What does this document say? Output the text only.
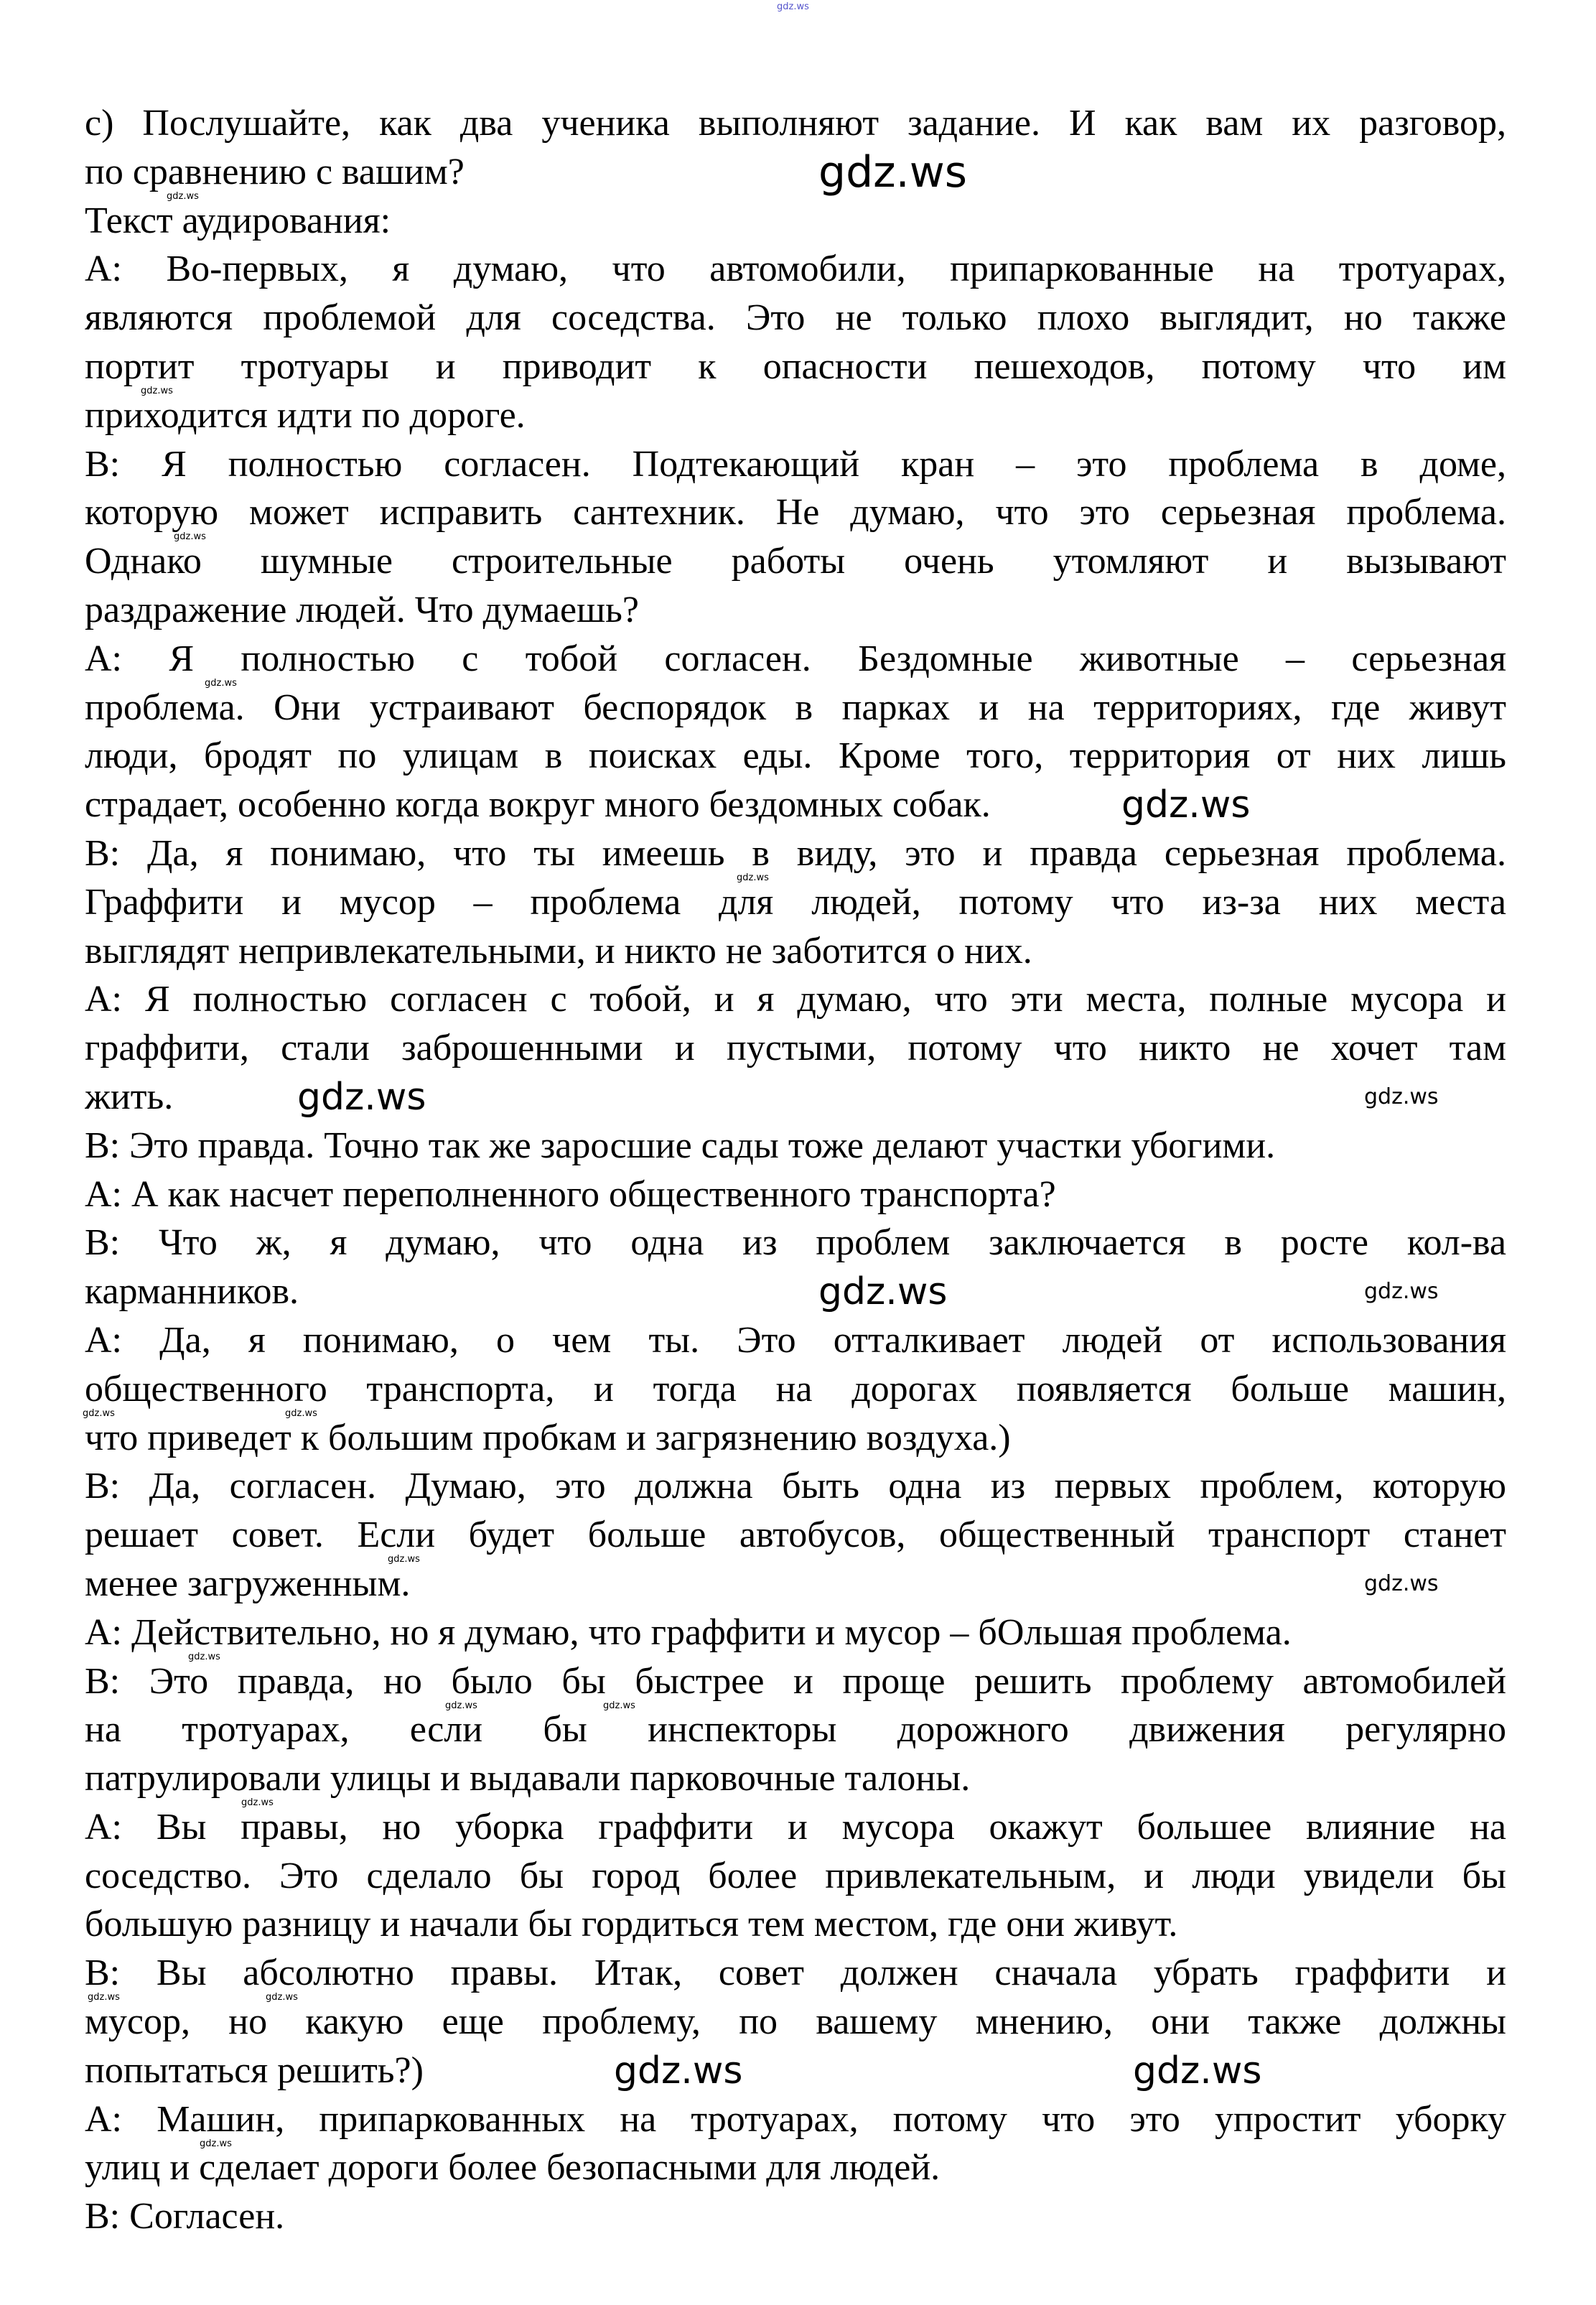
gdz.ws
c) Послушайте, как два ученика выполняют задание. И как вам их разговор,
по сравнению с вашим?
Текст аудирования:
A: Во-первых, я думаю, что автомобили, припаркованные на тротуарах,
являются проблемой для соседства. Это не только плохо выглядит, но также
портит тротуары и приводит к опасности пешеходов, потому что им
приходится идти по дороге.
B: Я полностью согласен. Подтекающий кран – это проблема в доме,
которую может исправить сантехник. Не думаю, что это серьезная проблема.
Однако шумные строительные работы очень утомляют и вызывают
раздражение людей. Что думаешь?
A: Я полностью с тобой согласен. Бездомные животные – серьезная
проблема. Они устраивают беспорядок в парках и на территориях, где живут
люди, бродят по улицам в поисках еды. Кроме того, территория от них лишь
страдает, особенно когда вокруг много бездомных собак.
B: Да, я понимаю, что ты имеешь в виду, это и правда серьезная проблема.
Граффити и мусор – проблема для людей, потому что из-за них места
выглядят непривлекательными, и никто не заботится о них.
A: Я полностью согласен с тобой, и я думаю, что эти места, полные мусора и
граффити, стали заброшенными и пустыми, потому что никто не хочет там
жить.
B: Это правда. Точно так же заросшие сады тоже делают участки убогими.
A: А как насчет переполненного общественного транспорта?
B: Что ж, я думаю, что одна из проблем заключается в росте кол-ва
карманников.
A: Да, я понимаю, о чем ты. Это отталкивает людей от использования
общественного транспорта, и тогда на дорогах появляется больше машин,
что приведет к большим пробкам и загрязнению воздуха.)
B: Да, согласен. Думаю, это должна быть одна из первых проблем, которую
решает совет. Если будет больше автобусов, общественный транспорт станет
менее загруженным.
A: Действительно, но я думаю, что граффити и мусор – бОльшая проблема.
B: Это правда, но было бы быстрее и проще решить проблему автомобилей
на тротуарах, если бы инспекторы дорожного движения регулярно
патрулировали улицы и выдавали парковочные талоны.
A: Вы правы, но уборка граффити и мусора окажут большее влияние на
соседство. Это сделало бы город более привлекательным, и люди увидели бы
большую разницу и начали бы гордиться тем местом, где они живут.
B: Вы абсолютно правы. Итак, совет должен сначала убрать граффити и
мусор, но какую еще проблему, по вашему мнению, они также должны
попытаться решить?)
A: Машин, припаркованных на тротуарах, потому что это упростит уборку
улиц и сделает дороги более безопасными для людей.
B: Согласен.
gdz.ws
gdz.ws
gdz.ws
gdz.ws
gdz.ws
gdz.ws
gdz.ws
gdz.ws	gdz.ws
gdz.ws	gdz.ws
gdz.ws	gdz.ws
gdz.ws
gdz.ws
gdz.ws
gdz.ws	gdz.ws
gdz.ws
gdz.ws	gdz.ws
gdz.ws	gdz.ws
gdz.ws
